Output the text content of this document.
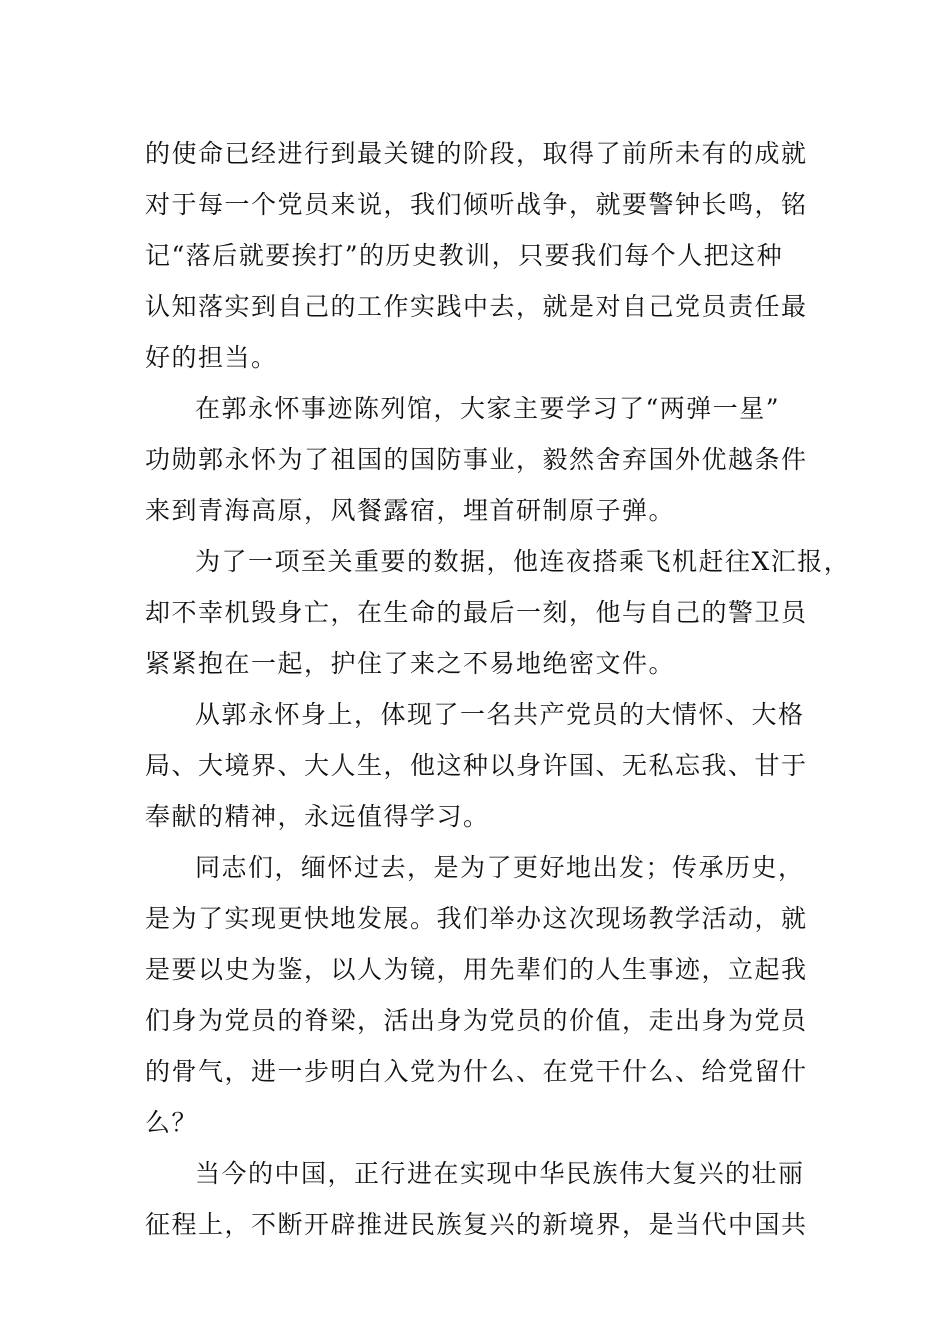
的使命已经进行到最关键的阶段，取得了前所未有的成就
对于每一个党员来说，我们倾听战争，就要警钟长鸣，铭
记“落后就要挨打”的历史教训，只要我们每个人把这种
认知落实到自己的工作实践中去，就是对自己党员责任最
好的担当。
在郭永怀事迹陈列馆，大家主要学习了“两弹一星”
功勋郭永怀为了祖国的国防事业，毅然舍弃国外优越条件
来到青海高原，风餐露宿，埋首研制原子弹。
为了一项至关重要的数据，他连夜搭乘飞机赶往X汇报，
却不幸机毁身亡，在生命的最后一刻，他与自己的警卫员
紧紧抱在一起，护住了来之不易地绝密文件。
从郭永怀身上，体现了一名共产党员的大情怀、大格
局、大境界、大人生，他这种以身许国、无私忘我、甘于
奉献的精神，永远值得学习。
同志们，缅怀过去，是为了更好地出发；传承历史，
是为了实现更快地发展。我们举办这次现场教学活动，就
是要以史为鉴，以人为镜，用先辈们的人生事迹，立起我
们身为党员的脊梁，活出身为党员的价值，走出身为党员
的骨气，进一步明白入党为什么、在党干什么、给党留什
么？
当今的中国，正行进在实现中华民族伟大复兴的壮丽
征程上，不断开辟推进民族复兴的新境界，是当代中国共
